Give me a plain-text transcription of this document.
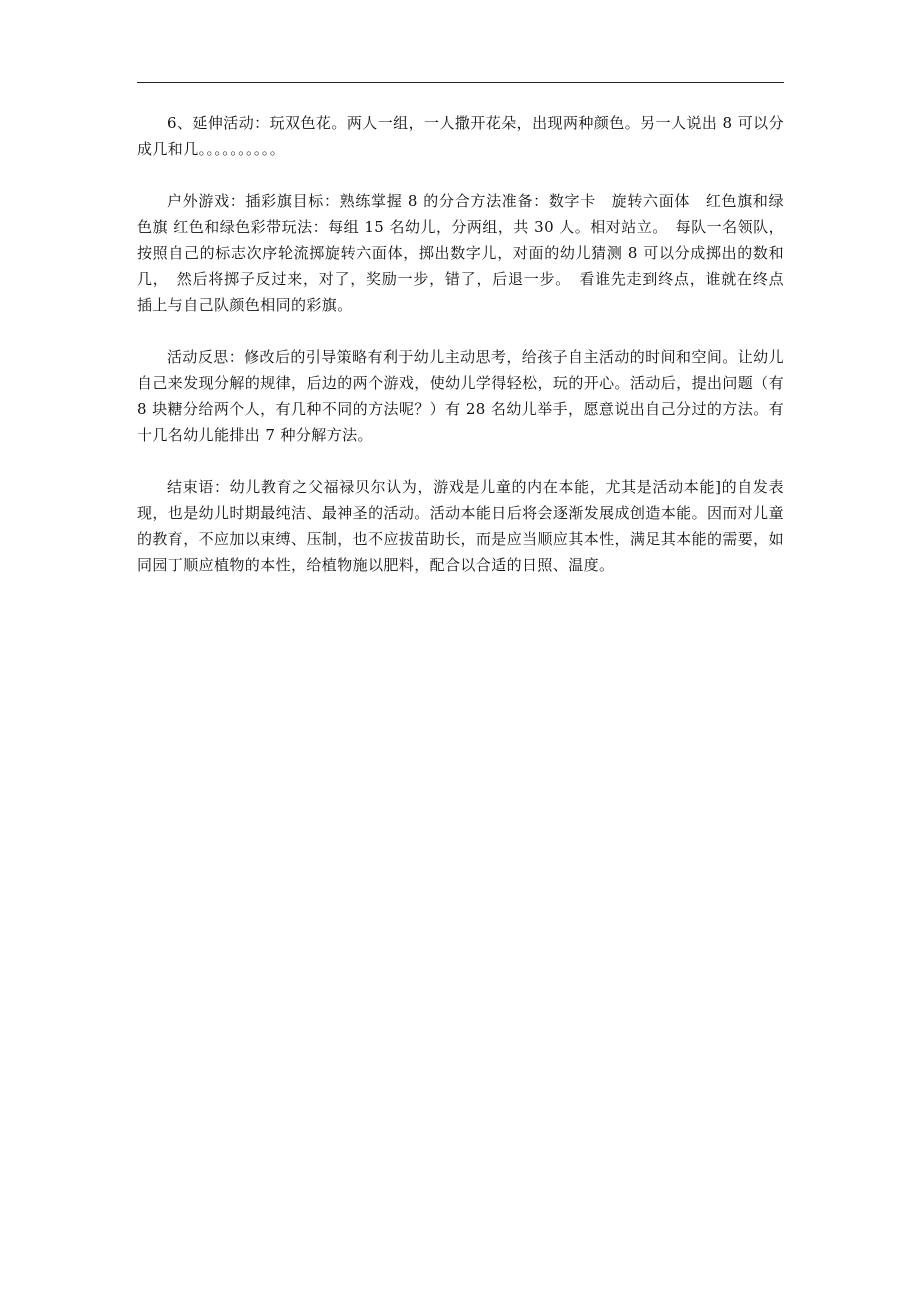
6、延伸活动：玩双色花。两人一组，一人撒开花朵，出现两种颜色。另一人说出 8 可以分成几和几。。。。。。。。。。

户外游戏：插彩旗目标：熟练掌握 8 的分合方法准备：数字卡　旋转六面体　红色旗和绿色旗 红色和绿色彩带玩法：每组 15 名幼儿，分两组，共 30 人。相对站立。　每队一名领队，按照自己的标志次序轮流掷旋转六面体，掷出数字儿，对面的幼儿猜测 8 可以分成掷出的数和几，　然后将掷子反过来，对了，奖励一步，错了，后退一步。　看谁先走到终点，谁就在终点插上与自己队颜色相同的彩旗。

活动反思：修改后的引导策略有利于幼儿主动思考，给孩子自主活动的时间和空间。让幼儿自己来发现分解的规律，后边的两个游戏，使幼儿学得轻松，玩的开心。活动后，提出问题（有 8 块糖分给两个人，有几种不同的方法呢？）有 28 名幼儿举手，愿意说出自己分过的方法。有十几名幼儿能排出 7 种分解方法。

结束语：幼儿教育之父福禄贝尔认为，游戏是儿童的内在本能，尤其是活动本能]的自发表现，也是幼儿时期最纯洁、最神圣的活动。活动本能日后将会逐渐发展成创造本能。因而对儿童的教育，不应加以束缚、压制，也不应拔苗助长，而是应当顺应其本性，满足其本能的需要，如同园丁顺应植物的本性，给植物施以肥料，配合以合适的日照、温度。
